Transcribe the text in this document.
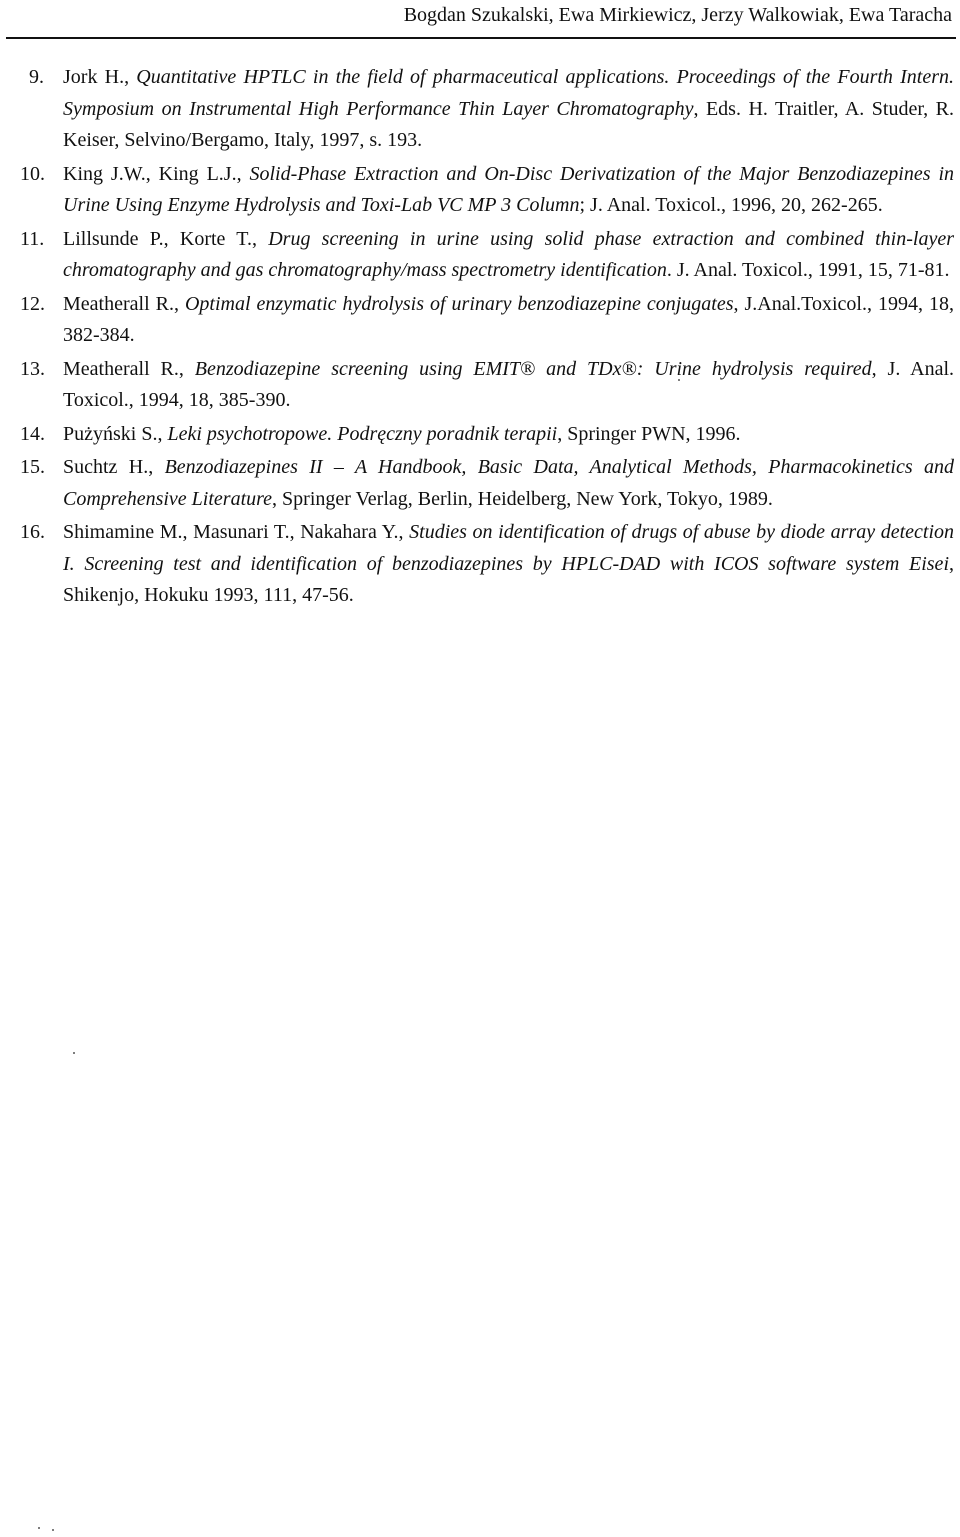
Bogdan Szukalski, Ewa Mirkiewicz, Jerzy Walkowiak, Ewa Taracha
9. Jork H., Quantitative HPTLC in the field of pharmaceutical applications. Proceedings of the Fourth Intern. Symposium on Instrumental High Performance Thin Layer Chromatography, Eds. H. Traitler, A. Studer, R. Keiser, Selvino/Bergamo, Italy, 1997, s. 193.
10. King J.W., King L.J., Solid-Phase Extraction and On-Disc Derivatization of the Major Benzodiazepines in Urine Using Enzyme Hydrolysis and Toxi-Lab VC MP 3 Column; J. Anal. Toxicol., 1996, 20, 262-265.
11. Lillsunde P., Korte T., Drug screening in urine using solid phase extraction and combined thin-layer chromatography and gas chromatography/mass spectrometry identification. J. Anal. Toxicol., 1991, 15, 71-81.
12. Meatherall R., Optimal enzymatic hydrolysis of urinary benzodiazepine conjugates, J.Anal.Toxicol., 1994, 18, 382-384.
13. Meatherall R., Benzodiazepine screening using EMIT® and TDx®: Urine hydrolysis required, J. Anal. Toxicol., 1994, 18, 385-390.
14. Pużyński S., Leki psychotropowe. Podręczny poradnik terapii, Springer PWN, 1996.
15. Suchtz H., Benzodiazepines II – A Handbook, Basic Data, Analytical Methods, Pharmacokinetics and Comprehensive Literature, Springer Verlag, Berlin, Heidelberg, New York, Tokyo, 1989.
16. Shimamine M., Masunari T., Nakahara Y., Studies on identification of drugs of abuse by diode array detection I. Screening test and identification of benzodiazepines by HPLC-DAD with ICOS software system Eisei, Shikenjo, Hokuku 1993, 111, 47-56.
